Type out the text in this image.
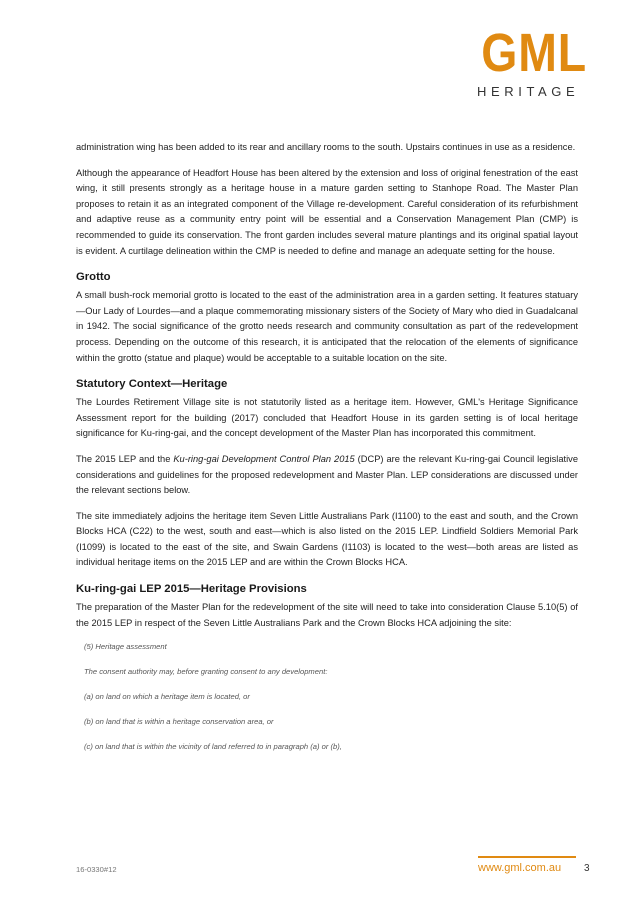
GML
HERITAGE

administration wing has been added to its rear and ancillary rooms to the south. Upstairs continues in use as a residence.

Although the appearance of Headfort House has been altered by the extension and loss of original fenestration of the east wing, it still presents strongly as a heritage house in a mature garden setting to Stanhope Road. The Master Plan proposes to retain it as an integrated component of the Village re-development. Careful consideration of its refurbishment and adaptive reuse as a community entry point will be essential and a Conservation Management Plan (CMP) is recommended to guide its conservation. The front garden includes several mature plantings and its original spatial layout is evident. A curtilage delineation within the CMP is needed to define and manage an adequate setting for the house.

Grotto

A small bush-rock memorial grotto is located to the east of the administration area in a garden setting. It features statuary—Our Lady of Lourdes—and a plaque commemorating missionary sisters of the Society of Mary who died in Guadalcanal in 1942. The social significance of the grotto needs research and community consultation as part of the redevelopment process. Depending on the outcome of this research, it is anticipated that the relocation of the elements of significance within the grotto (statue and plaque) would be acceptable to a suitable location on the site.

Statutory Context—Heritage

The Lourdes Retirement Village site is not statutorily listed as a heritage item. However, GML's Heritage Significance Assessment report for the building (2017) concluded that Headfort House in its garden setting is of local heritage significance for Ku-ring-gai, and the concept development of the Master Plan has incorporated this commitment.

The 2015 LEP and the Ku-ring-gai Development Control Plan 2015 (DCP) are the relevant Ku-ring-gai Council legislative considerations and guidelines for the proposed redevelopment and Master Plan. LEP considerations are discussed under the relevant sections below.

The site immediately adjoins the heritage item Seven Little Australians Park (I1100) to the east and south, and the Crown Blocks HCA (C22) to the west, south and east—which is also listed on the 2015 LEP. Lindfield Soldiers Memorial Park (I1099) is located to the east of the site, and Swain Gardens (I1103) is located to the west—both areas are listed as individual heritage items on the 2015 LEP and are within the Crown Blocks HCA.

Ku-ring-gai LEP 2015—Heritage Provisions

The preparation of the Master Plan for the redevelopment of the site will need to take into consideration Clause 5.10(5) of the 2015 LEP in respect of the Seven Little Australians Park and the Crown Blocks HCA adjoining the site:

(5) Heritage assessment

The consent authority may, before granting consent to any development:

(a) on land on which a heritage item is located, or

(b) on land that is within a heritage conservation area, or

(c) on land that is within the vicinity of land referred to in paragraph (a) or (b),

16-0330#12	www.gml.com.au 3
